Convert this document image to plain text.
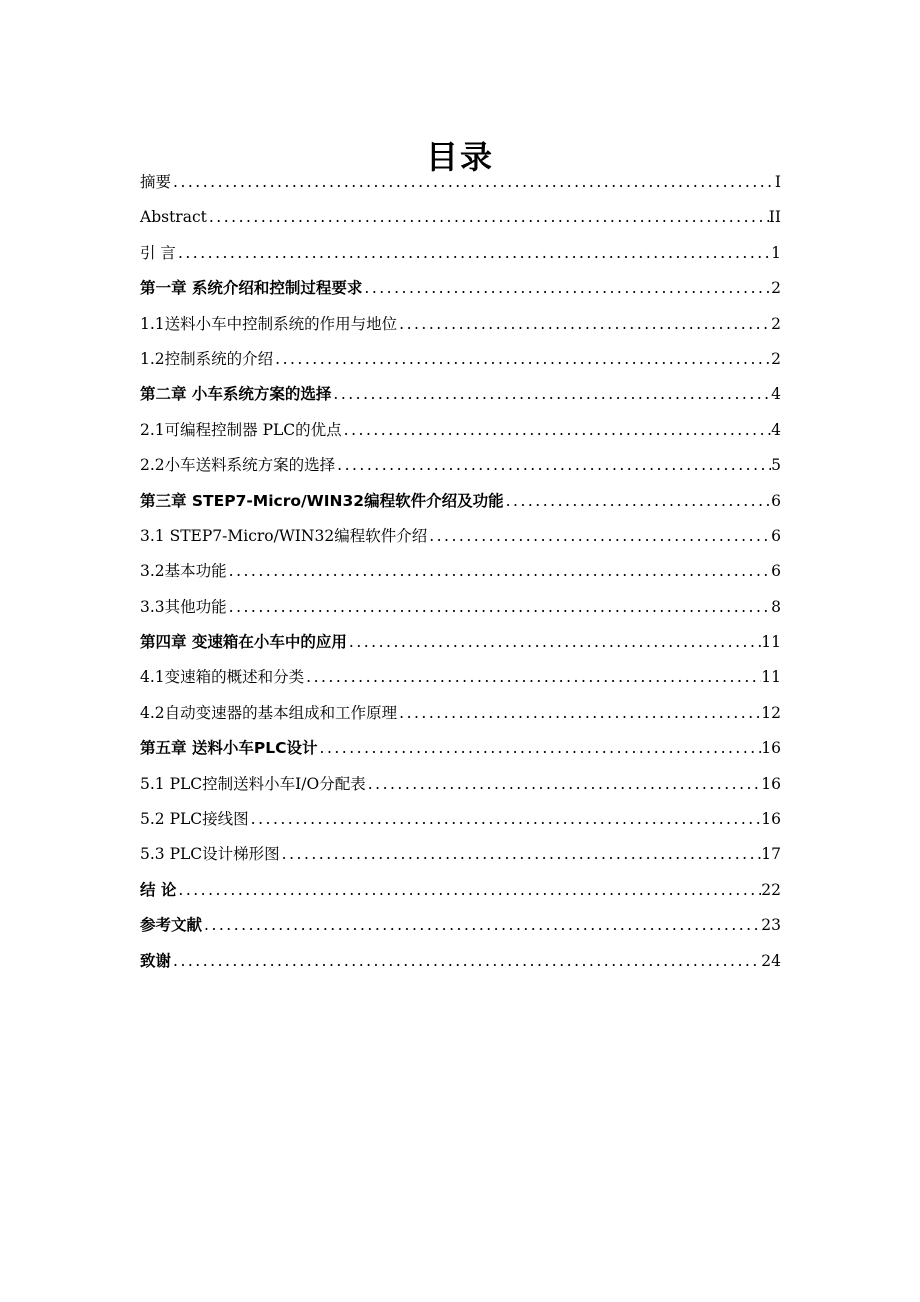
目录
摘要 .....	I
Abstract .....	II
引 言 .....	1
第一章 系统介绍和控制过程要求 .....	2
1.1送料小车中控制系统的作用与地位 .....	2
1.2控制系统的介绍 .....	2
第二章 小车系统方案的选择 .....	4
2.1可编程控制器 PLC的优点 .....	4
2.2小车送料系统方案的选择 .....	5
第三章 STEP7-Micro/WIN32编程软件介绍及功能 .....	6
3.1 STEP7-Micro/WIN32编程软件介绍 .....	6
3.2基本功能 .....	6
3.3其他功能 .....	8
第四章 变速箱在小车中的应用 .....	11
4.1变速箱的概述和分类 .....	11
4.2自动变速器的基本组成和工作原理 .....	12
第五章 送料小车PLC设计 .....	16
5.1 PLC控制送料小车I/O分配表 .....	16
5.2 PLC接线图 .....	16
5.3 PLC设计梯形图 .....	17
结 论 .....	22
参考文献 .....	23
致谢 .....	24
